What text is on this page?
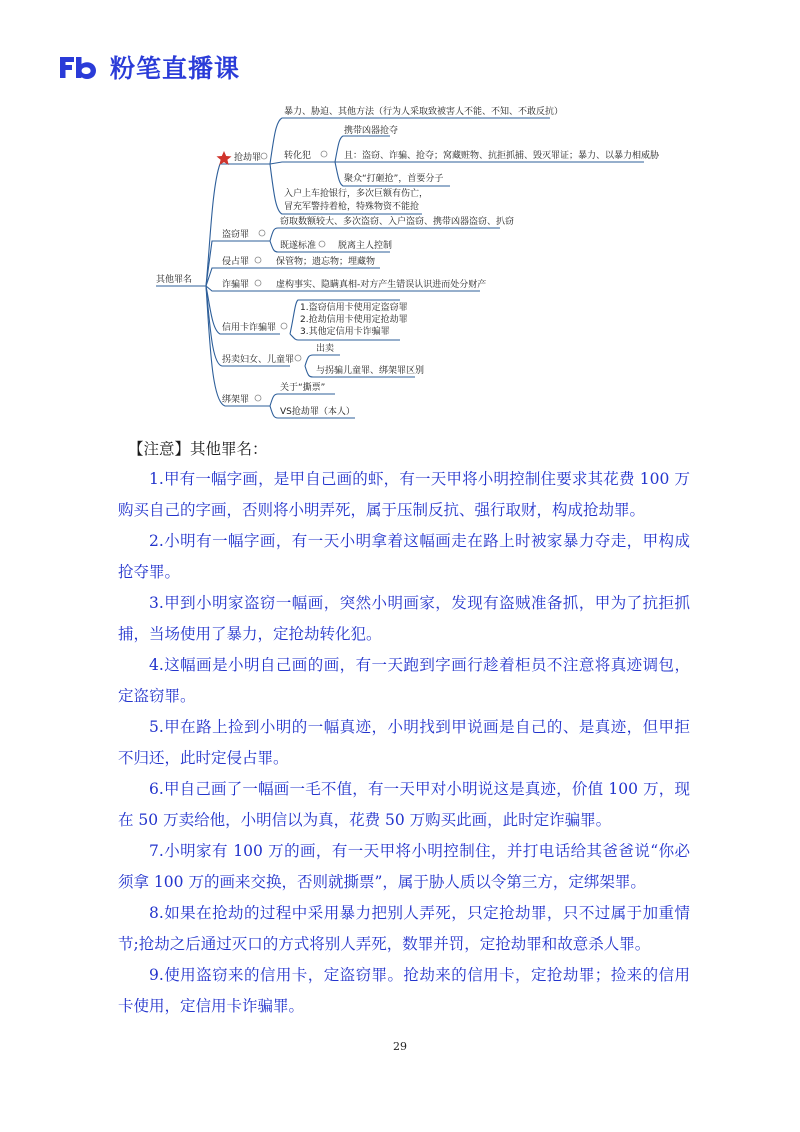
粉笔直播课
其他罪名
抢劫罪
暴力、胁迫、其他方法（行为人采取致被害人不能、不知、不敢反抗）
转化犯
携带凶器抢夺
且：盗窃、诈骗、抢夺；窝藏赃物、抗拒抓捕、毁灭罪证；暴力、以暴力相威胁
聚众“打砸抢”，首要分子
入户上车抢银行，多次巨额有伤亡，
冒充军警持着枪，特殊物资不能抢
盗窃罪
窃取数额较大、多次盗窃、入户盗窃、携带凶器盗窃、扒窃
既遂标准 脱离主人控制
侵占罪	保管物；遗忘物；埋藏物
诈骗罪	虚构事实、隐瞒真相-对方产生错误认识进而处分财产
信用卡诈骗罪
1.盗窃信用卡使用定盗窃罪
2.抢劫信用卡使用定抢劫罪
3.其他定信用卡诈骗罪
拐卖妇女、儿童罪
出卖
与拐骗儿童罪、绑架罪区别
绑架罪
关于“撕票”
VS抢劫罪（本人）
【注意】其他罪名：

1.甲有一幅字画，是甲自己画的虾，有一天甲将小明控制住要求其花费 100 万购买自己的字画，否则将小明弄死，属于压制反抗、强行取财，构成抢劫罪。

2.小明有一幅字画，有一天小明拿着这幅画走在路上时被家暴力夺走，甲构成抢夺罪。

3.甲到小明家盗窃一幅画，突然小明画家，发现有盗贼准备抓，甲为了抗拒抓捕，当场使用了暴力，定抢劫转化犯。

4.这幅画是小明自己画的画，有一天跑到字画行趁着柜员不注意将真迹调包，定盗窃罪。

5.甲在路上捡到小明的一幅真迹，小明找到甲说画是自己的、是真迹，但甲拒不归还，此时定侵占罪。

6.甲自己画了一幅画一毛不值，有一天甲对小明说这是真迹，价值 100 万，现在 50 万卖给他，小明信以为真，花费 50 万购买此画，此时定诈骗罪。

7.小明家有 100 万的画，有一天甲将小明控制住，并打电话给其爸爸说“你必须拿 100 万的画来交换，否则就撕票”，属于胁人质以令第三方，定绑架罪。

8.如果在抢劫的过程中采用暴力把别人弄死，只定抢劫罪，只不过属于加重情节;抢劫之后通过灭口的方式将别人弄死，数罪并罚，定抢劫罪和故意杀人罪。

9.使用盗窃来的信用卡，定盗窃罪。抢劫来的信用卡，定抢劫罪；捡来的信用卡使用，定信用卡诈骗罪。

29
